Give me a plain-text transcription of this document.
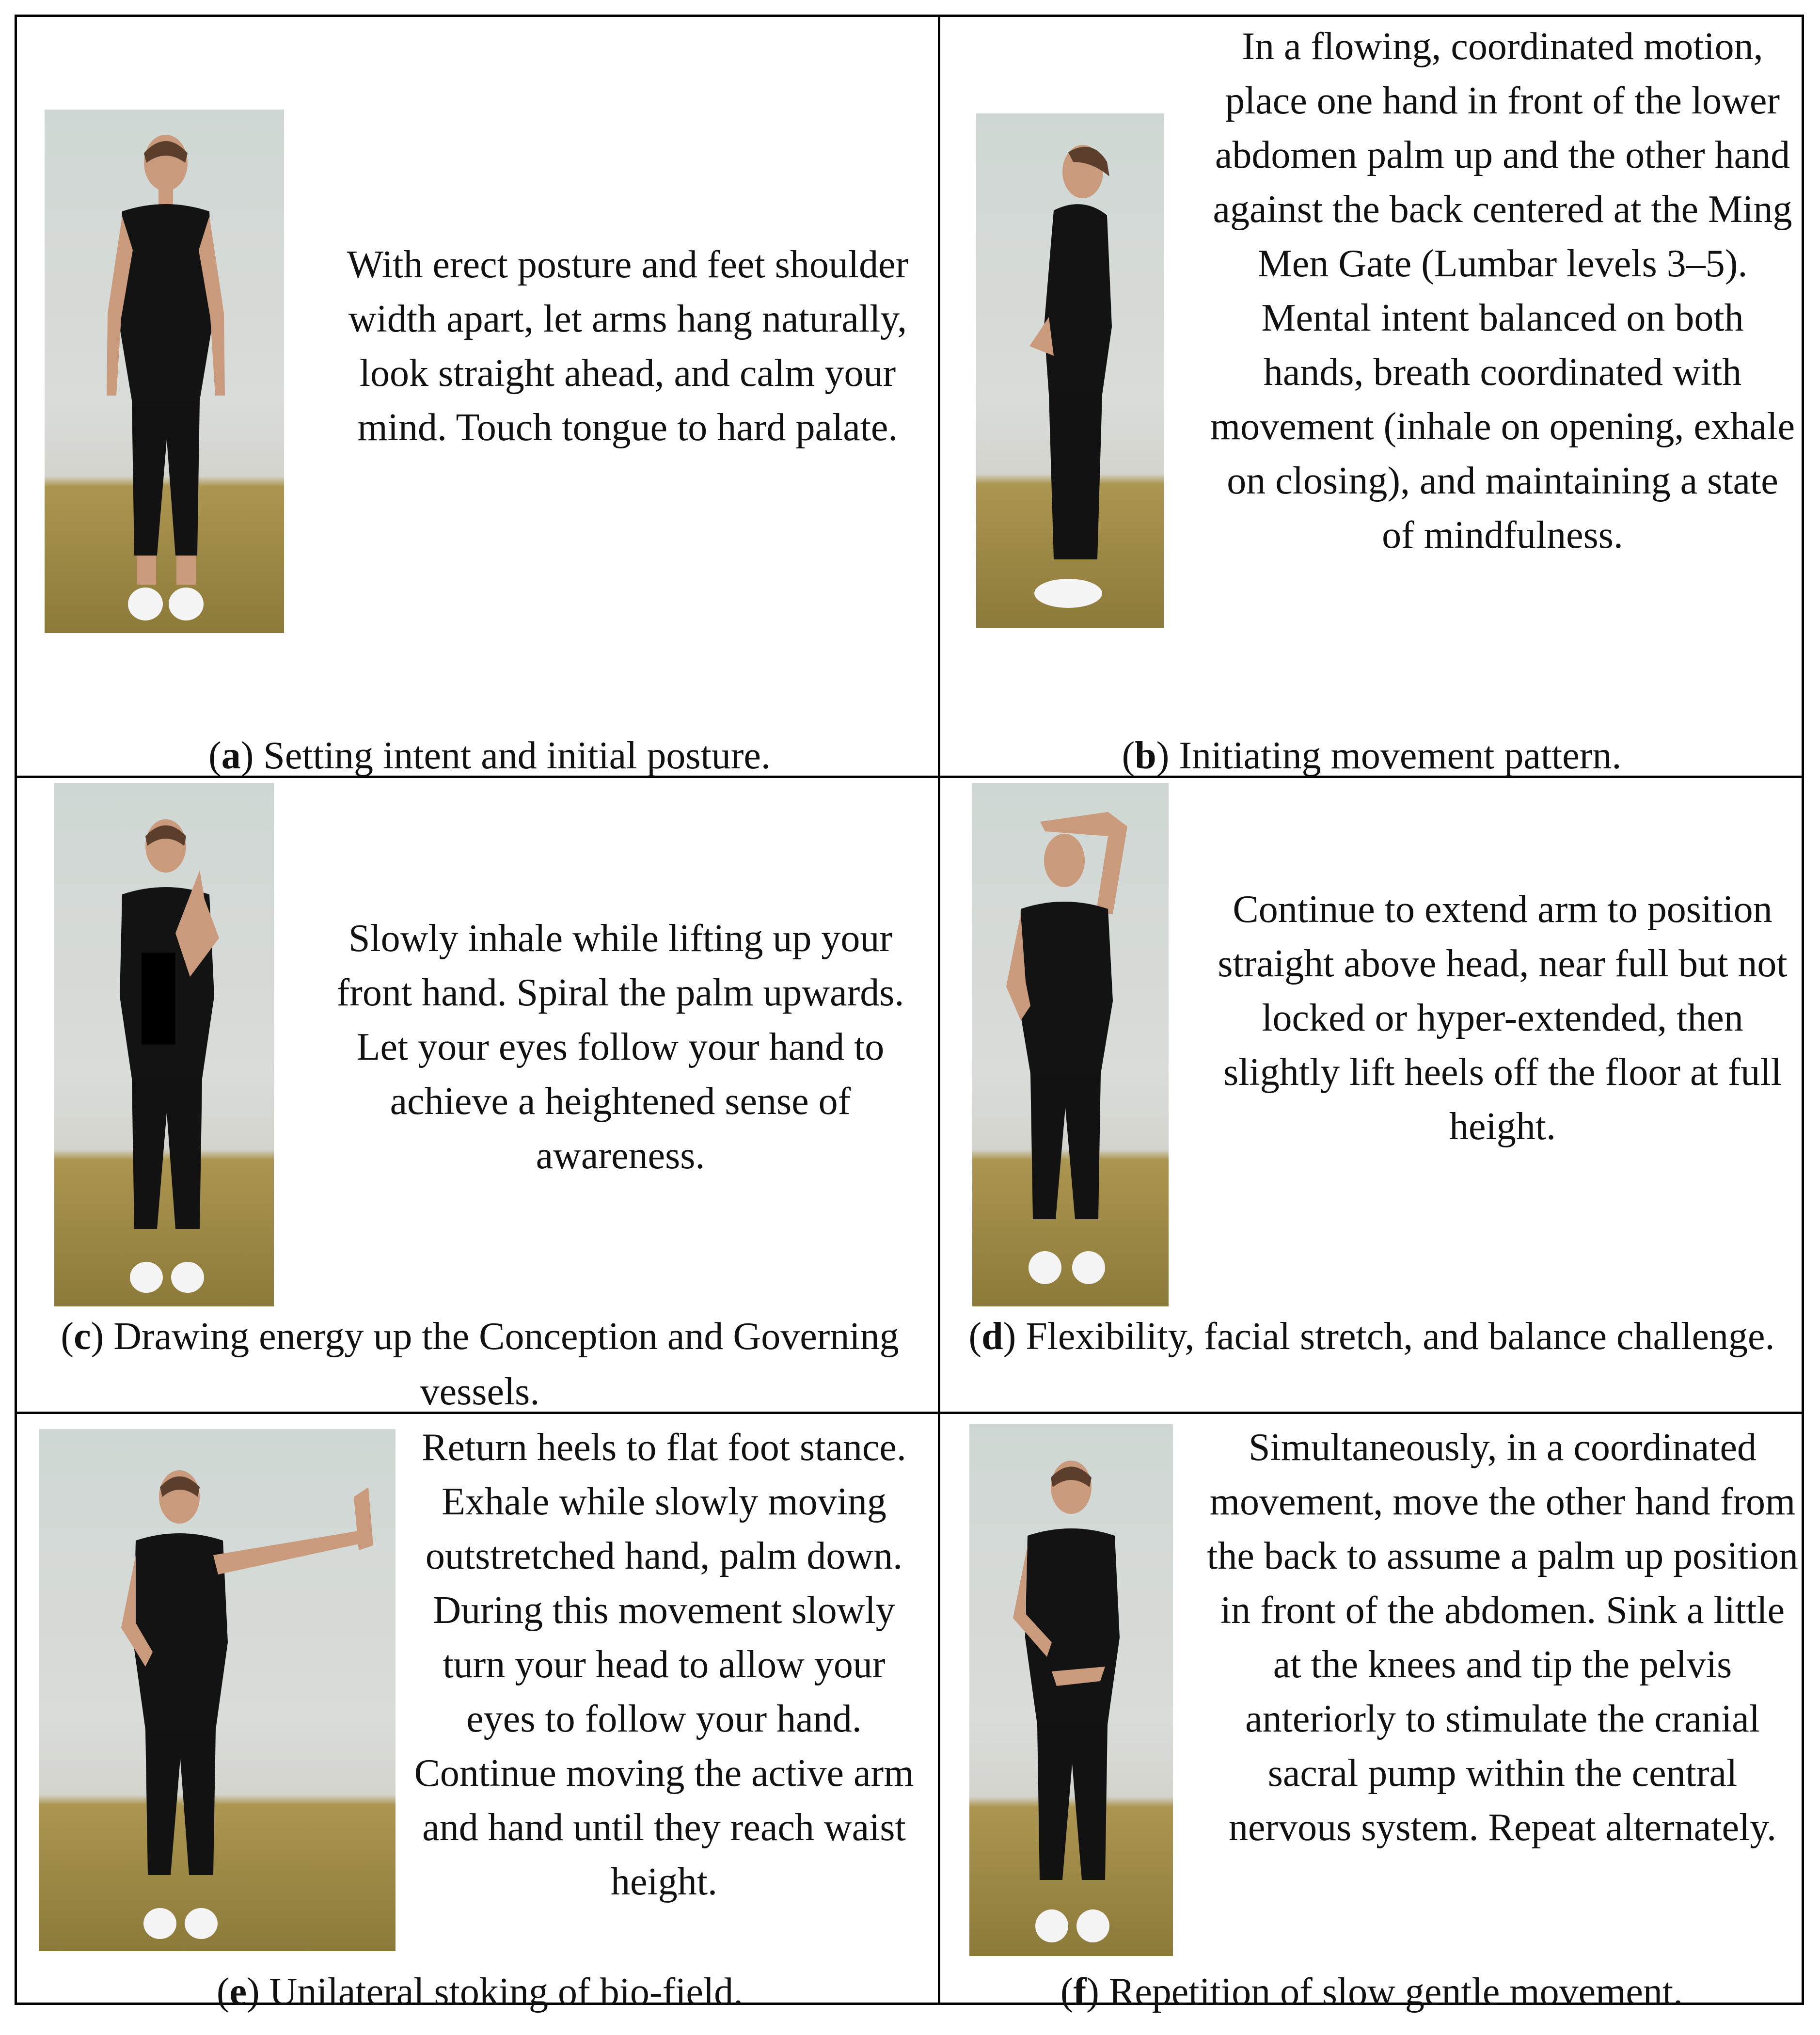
With erect posture and feet shoulder width apart, let arms hang naturally, look straight ahead, and calm your mind. Touch tongue to hard palate.

(a) Setting intent and initial posture.

In a flowing, coordinated motion, place one hand in front of the lower abdomen palm up and the other hand against the back centered at the Ming Men Gate (Lumbar levels 3–5). Mental intent balanced on both hands, breath coordinated with movement (inhale on opening, exhale on closing), and maintaining a state of mindfulness.

(b) Initiating movement pattern.

Slowly inhale while lifting up your front hand. Spiral the palm upwards. Let your eyes follow your hand to achieve a heightened sense of awareness.

(c) Drawing energy up the Conception and Governing vessels.

Continue to extend arm to position straight above head, near full but not locked or hyper-extended, then slightly lift heels off the floor at full height.

(d) Flexibility, facial stretch, and balance challenge.

Return heels to flat foot stance. Exhale while slowly moving outstretched hand, palm down. During this movement slowly turn your head to allow your eyes to follow your hand. Continue moving the active arm and hand until they reach waist height.

(e) Unilateral stoking of bio-field.

Simultaneously, in a coordinated movement, move the other hand from the back to assume a palm up position in front of the abdomen. Sink a little at the knees and tip the pelvis anteriorly to stimulate the cranial sacral pump within the central nervous system. Repeat alternately.

(f) Repetition of slow gentle movement.
